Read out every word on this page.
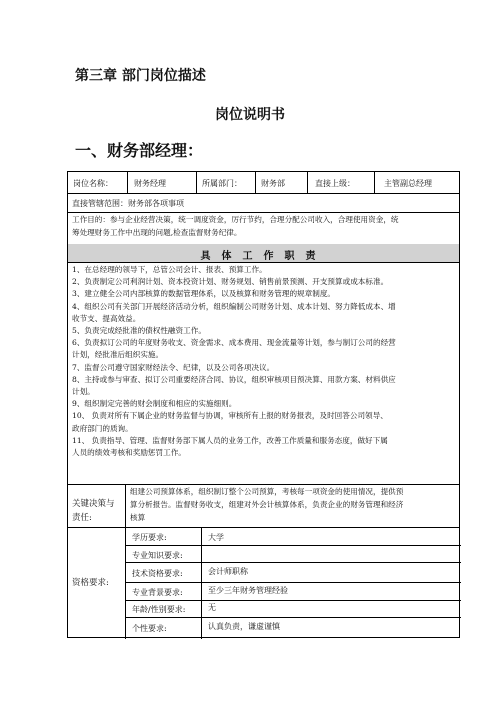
第三章 部门岗位描述
岗位说明书
一、财务部经理：
岗位名称：	财务经理	所属部门： 财务部	直接上级：	主管副总经理
直接管辖范围：财务部各项事项
工作目的：参与企业经营决策，统一调度资金，厉行节约，合理分配公司收入，合理使用资金，统
筹处理财务工作中出现的问题,检查监督财务纪律。
具体工作职责
1、在总经理的领导下，总管公司会计、报表、预算工作。
2、负责制定公司利润计划、资本投资计划、财务规划、销售前景预测、开支预算或成本标准。
3、建立健全公司内部核算的数据管理体系，以及核算和财务管理的规章制度。
4、组织公司有关部门开展经济活动分析，组织编制公司财务计划、成本计划、努力降低成本、增
收节支、提高效益。
5、负责完成经批准的债权性融资工作。
6、负责拟订公司的年度财务收支、资金需求、成本费用、现金流量等计划，参与制订公司的经营
计划，经批准后组织实施。
7、监督公司遵守国家财经法令、纪律，以及公司各项决议。
8、主持或参与审查、拟订公司重要经济合同、协议，组织审核项目预决算、用款方案、材料供应
计划。
9、组织制定完善的财会制度和相应的实施细则。
10、 负责对所有下属企业的财务监督与协调，审核所有上报的财务报表，及时回答公司领导、
政府部门的质询。
11、 负责指导、管理、监督财务部下属人员的业务工作，改善工作质量和服务态度，做好下属
人员的绩效考核和奖励惩罚工作。
关键决策与
责任:
组建公司预算体系，组织制订整个公司预算，考核每一项资金的使用情况，提供预
算分析报告。监督财务收支，组建对外会计核算体系，负责企业的财务管理和经济
核算
资格要求:
学历要求:	大学
专业知识要求:
技术资格要求:	会计师职称
专业背景要求:	至少三年财务管理经验
年龄/性别要求:	无
个性要求:	认真负责，谦虚谨慎
